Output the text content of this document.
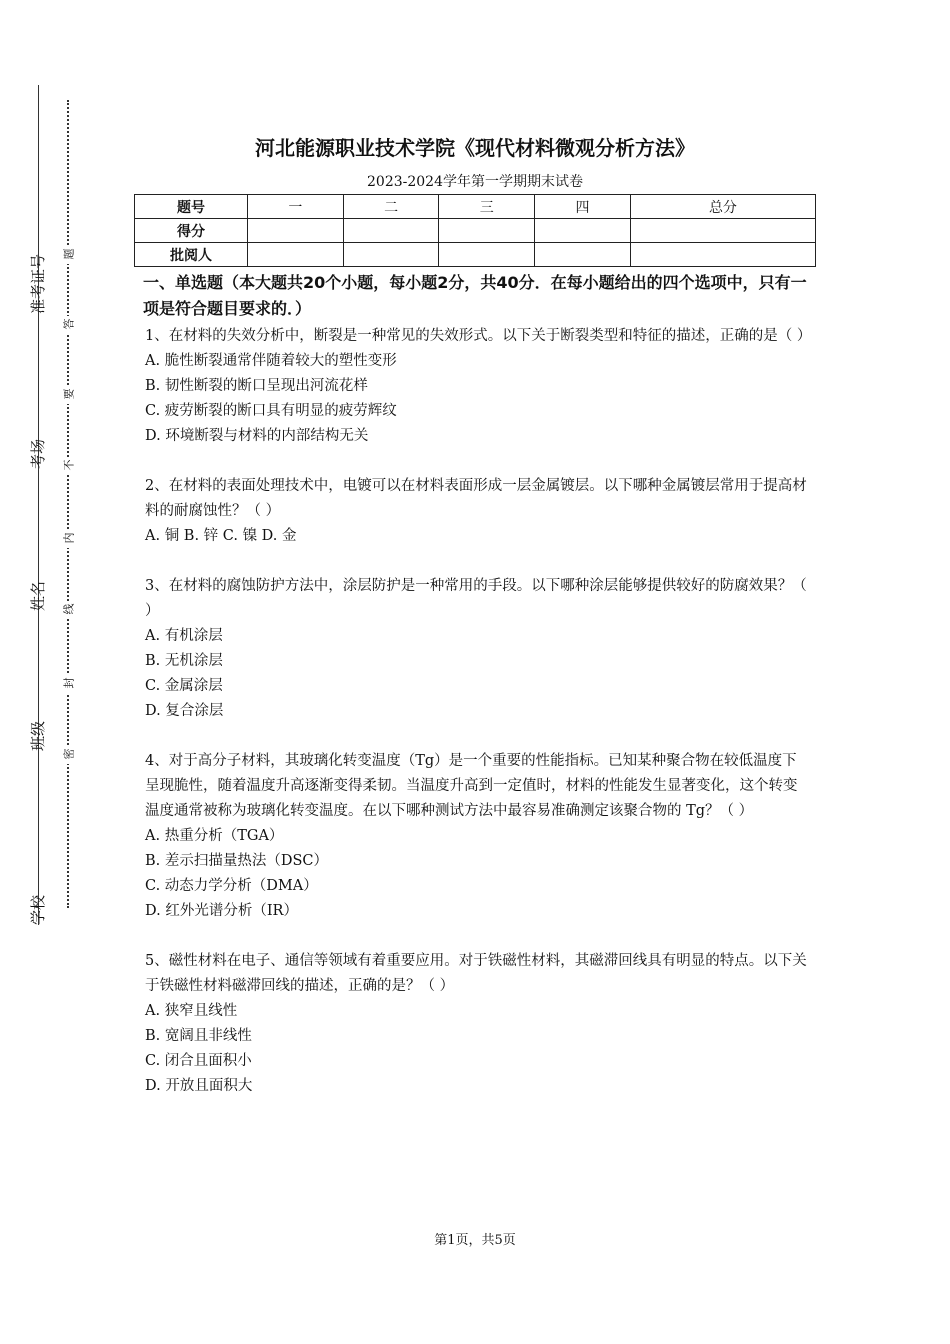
准考证号
考场
姓名
班级
学校
题
答
要
不
内
线
封
密
河北能源职业技术学院《现代材料微观分析方法》
2023-2024学年第一学期期末试卷
题号	一	二	三	四	总分
得分					
批阅人					
一、单选题（本大题共20个小题，每小题2分，共40分．在每小题给出的四个选项中，只有一项是符合题目要求的．）

1、在材料的失效分析中，断裂是一种常见的失效形式。以下关于断裂类型和特征的描述，正确的是（ ）

A. 脆性断裂通常伴随着较大的塑性变形

B. 韧性断裂的断口呈现出河流花样

C. 疲劳断裂的断口具有明显的疲劳辉纹

D. 环境断裂与材料的内部结构无关

2、在材料的表面处理技术中，电镀可以在材料表面形成一层金属镀层。以下哪种金属镀层常用于提高材料的耐腐蚀性？（ ）

A. 铜 B. 锌 C. 镍 D. 金

3、在材料的腐蚀防护方法中，涂层防护是一种常用的手段。以下哪种涂层能够提供较好的防腐效果？（ ）

A. 有机涂层

B. 无机涂层

C. 金属涂层

D. 复合涂层

4、对于高分子材料，其玻璃化转变温度（Tg）是一个重要的性能指标。已知某种聚合物在较低温度下呈现脆性，随着温度升高逐渐变得柔韧。当温度升高到一定值时，材料的性能发生显著变化，这个转变温度通常被称为玻璃化转变温度。在以下哪种测试方法中最容易准确测定该聚合物的 Tg？（ ）

A. 热重分析（TGA）

B. 差示扫描量热法（DSC）

C. 动态力学分析（DMA）

D. 红外光谱分析（IR）

5、磁性材料在电子、通信等领域有着重要应用。对于铁磁性材料，其磁滞回线具有明显的特点。以下关于铁磁性材料磁滞回线的描述，正确的是？（ ）

A. 狭窄且线性

B. 宽阔且非线性

C. 闭合且面积小

D. 开放且面积大

第1页，共5页
